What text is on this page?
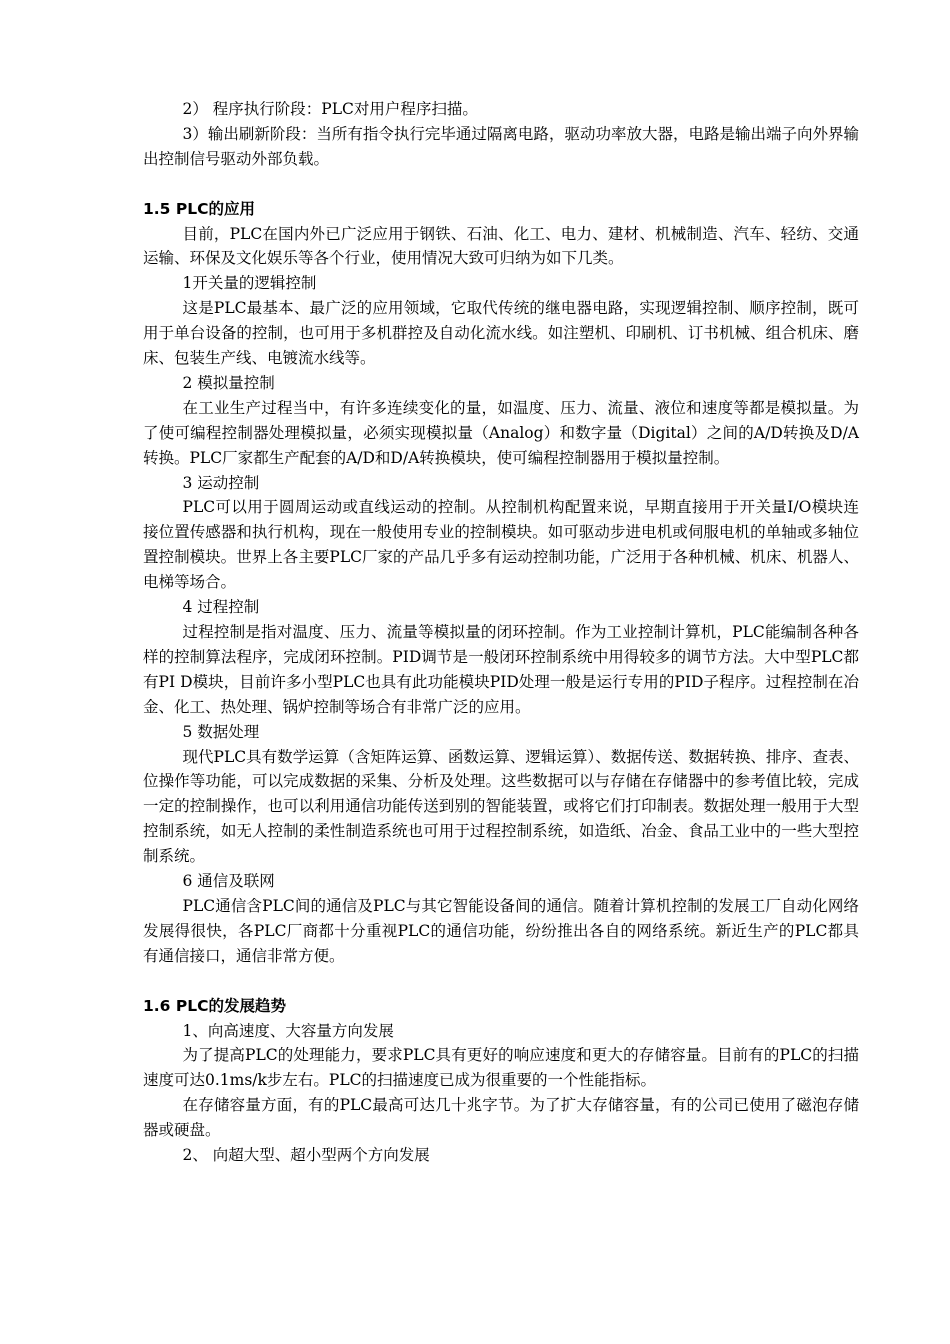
2） 程序执行阶段：PLC对用户程序扫描。

3）输出刷新阶段：当所有指令执行完毕通过隔离电路，驱动功率放大器，电路是输出端子向外界输出控制信号驱动外部负载。

1.5 PLC的应用

目前，PLC在国内外已广泛应用于钢铁、石油、化工、电力、建材、机械制造、汽车、轻纺、交通运输、环保及文化娱乐等各个行业，使用情况大致可归纳为如下几类。

1开关量的逻辑控制

这是PLC最基本、最广泛的应用领域，它取代传统的继电器电路，实现逻辑控制、顺序控制，既可用于单台设备的控制，也可用于多机群控及自动化流水线。如注塑机、印刷机、订书机械、组合机床、磨床、包装生产线、电镀流水线等。

2 模拟量控制

在工业生产过程当中，有许多连续变化的量，如温度、压力、流量、液位和速度等都是模拟量。为了使可编程控制器处理模拟量，必须实现模拟量（Analog）和数字量（Digital）之间的A/D转换及D/A转换。PLC厂家都生产配套的A/D和D/A转换模块，使可编程控制器用于模拟量控制。

3 运动控制

PLC可以用于圆周运动或直线运动的控制。从控制机构配置来说，早期直接用于开关量I/O模块连接位置传感器和执行机构，现在一般使用专业的控制模块。如可驱动步进电机或伺服电机的单轴或多轴位置控制模块。世界上各主要PLC厂家的产品几乎多有运动控制功能，广泛用于各种机械、机床、机器人、电梯等场合。

4 过程控制

过程控制是指对温度、压力、流量等模拟量的闭环控制。作为工业控制计算机，PLC能编制各种各样的控制算法程序，完成闭环控制。PID调节是一般闭环控制系统中用得较多的调节方法。大中型PLC都有PI D模块，目前许多小型PLC也具有此功能模块PID处理一般是运行专用的PID子程序。过程控制在冶金、化工、热处理、锅炉控制等场合有非常广泛的应用。

5 数据处理

现代PLC具有数学运算（含矩阵运算、函数运算、逻辑运算）、数据传送、数据转换、排序、查表、位操作等功能，可以完成数据的采集、分析及处理。这些数据可以与存储在存储器中的参考值比较，完成一定的控制操作，也可以利用通信功能传送到别的智能装置，或将它们打印制表。数据处理一般用于大型控制系统，如无人控制的柔性制造系统也可用于过程控制系统，如造纸、冶金、食品工业中的一些大型控制系统。

6 通信及联网

PLC通信含PLC间的通信及PLC与其它智能设备间的通信。随着计算机控制的发展工厂自动化网络发展得很快，各PLC厂商都十分重视PLC的通信功能，纷纷推出各自的网络系统。新近生产的PLC都具有通信接口，通信非常方便。

1.6 PLC的发展趋势

1、向高速度、大容量方向发展

为了提高PLC的处理能力，要求PLC具有更好的响应速度和更大的存储容量。目前有的PLC的扫描速度可达0.1ms/k步左右。PLC的扫描速度已成为很重要的一个性能指标。

在存储容量方面，有的PLC最高可达几十兆字节。为了扩大存储容量，有的公司已使用了磁泡存储器或硬盘。

2、 向超大型、超小型两个方向发展
